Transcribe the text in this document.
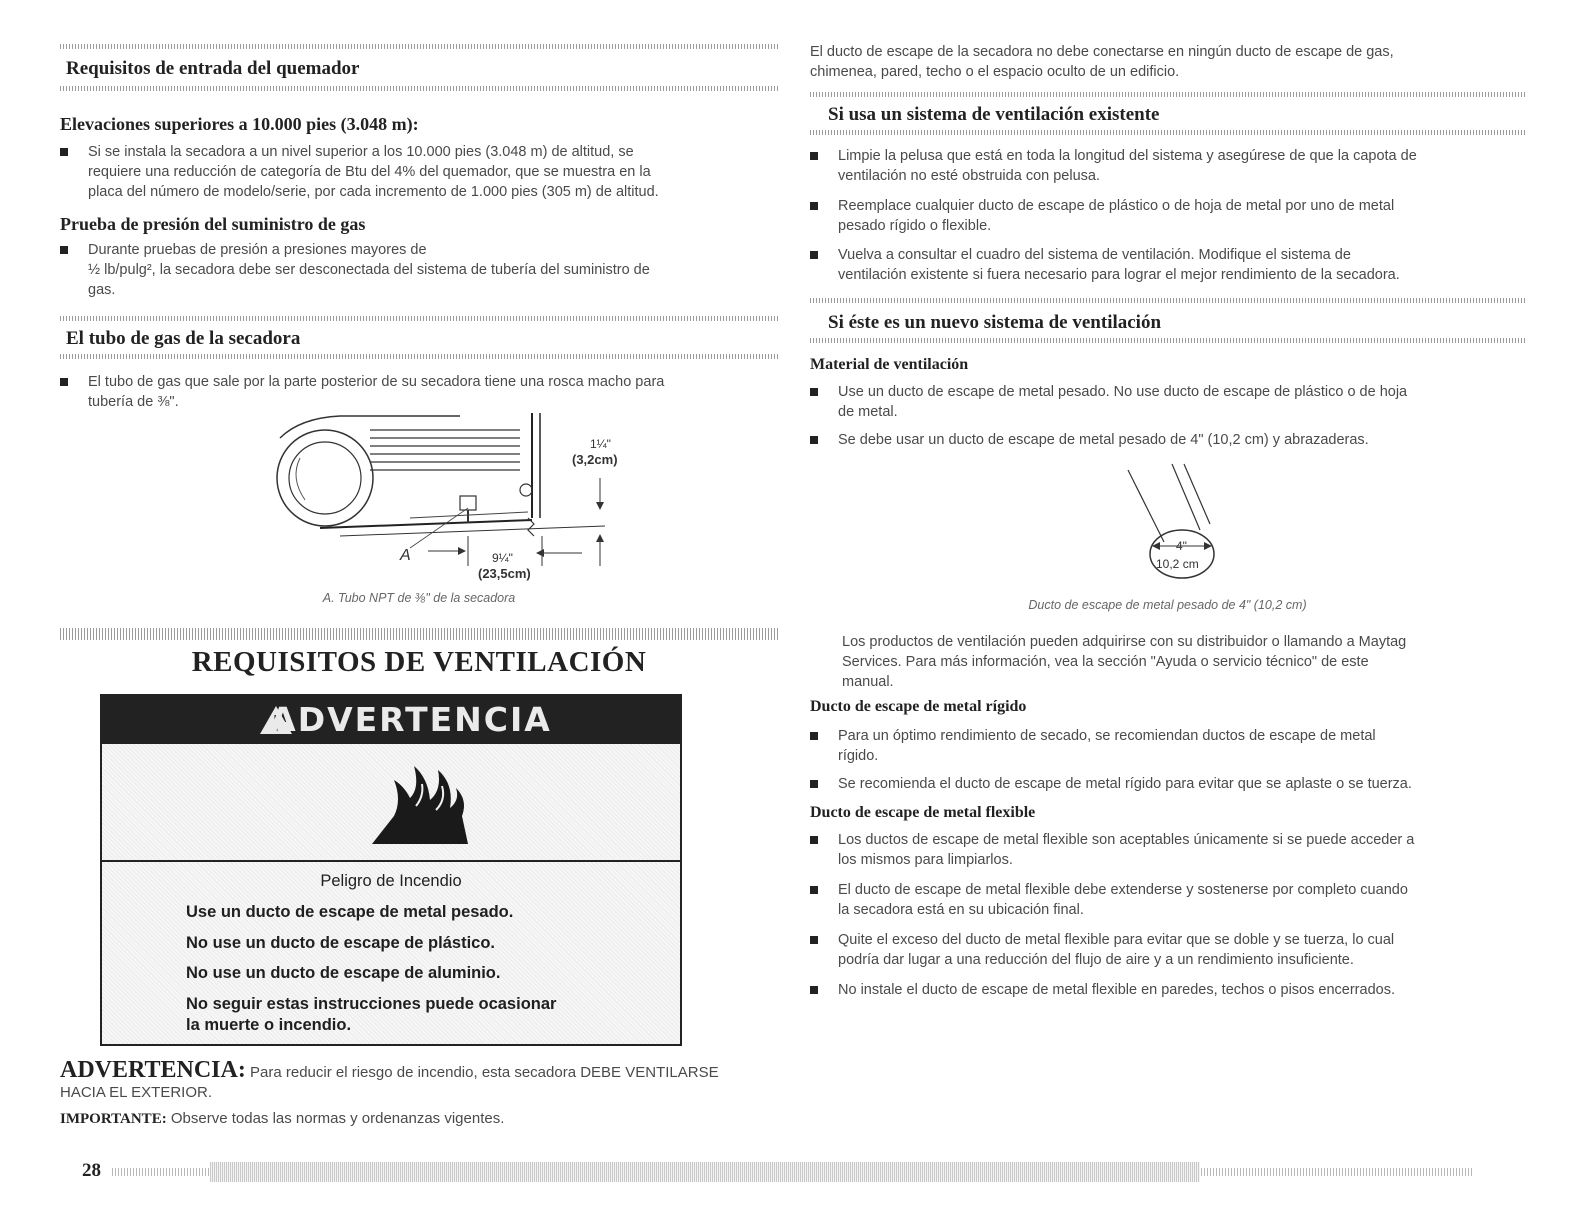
Requisitos de entrada del quemador
Elevaciones superiores a 10.000 pies (3.048 m):
Si se instala la secadora a un nivel superior a los 10.000 pies (3.048 m) de altitud, se
requiere una reducción de categoría de Btu del 4% del quemador, que se muestra en la
placa del número de modelo/serie, por cada incremento de 1.000 pies (305 m) de altitud.
Prueba de presión del suministro de gas
Durante pruebas de presión a presiones mayores de
½ lb/pulg², la secadora debe ser desconectada del sistema de tubería del suministro de
gas.
El tubo de gas de la secadora
El tubo de gas que sale por la parte posterior de su secadora tiene una rosca macho para
tubería de ⅜".
1¼"
(3,2cm)
9¼"
(23,5cm)
A
A. Tubo NPT de ⅜" de la secadora
REQUISITOS DE VENTILACIÓN
ADVERTENCIA
Peligro de Incendio
Use un ducto de escape de metal pesado.
No use un ducto de escape de plástico.
No use un ducto de escape de aluminio.
No seguir estas instrucciones puede ocasionar
la muerte o incendio.
ADVERTENCIA: Para reducir el riesgo de incendio, esta secadora DEBE VENTILARSE
HACIA EL EXTERIOR.
IMPORTANTE: Observe todas las normas y ordenanzas vigentes.
28
El ducto de escape de la secadora no debe conectarse en ningún ducto de escape de gas,
chimenea, pared, techo o el espacio oculto de un edificio.
Si usa un sistema de ventilación existente
Limpie la pelusa que está en toda la longitud del sistema y asegúrese de que la capota de
ventilación no esté obstruida con pelusa.
Reemplace cualquier ducto de escape de plástico o de hoja de metal por uno de metal
pesado rígido o flexible.
Vuelva a consultar el cuadro del sistema de ventilación. Modifique el sistema de
ventilación existente si fuera necesario para lograr el mejor rendimiento de la secadora.
Si éste es un nuevo sistema de ventilación
Material de ventilación
Use un ducto de escape de metal pesado. No use ducto de escape de plástico o de hoja
de metal.
Se debe usar un ducto de escape de metal pesado de 4" (10,2 cm) y abrazaderas.
4"
10,2 cm
Ducto de escape de metal pesado de 4" (10,2 cm)
Los productos de ventilación pueden adquirirse con su distribuidor o llamando a Maytag
Services. Para más información, vea la sección "Ayuda o servicio técnico" de este
manual.
Ducto de escape de metal rígido
Para un óptimo rendimiento de secado, se recomiendan ductos de escape de metal
rígido.
Se recomienda el ducto de escape de metal rígido para evitar que se aplaste o se tuerza.
Ducto de escape de metal flexible
Los ductos de escape de metal flexible son aceptables únicamente si se puede acceder a
los mismos para limpiarlos.
El ducto de escape de metal flexible debe extenderse y sostenerse por completo cuando
la secadora está en su ubicación final.
Quite el exceso del ducto de metal flexible para evitar que se doble y se tuerza, lo cual
podría dar lugar a una reducción del flujo de aire y a un rendimiento insuficiente.
No instale el ducto de escape de metal flexible en paredes, techos o pisos encerrados.
